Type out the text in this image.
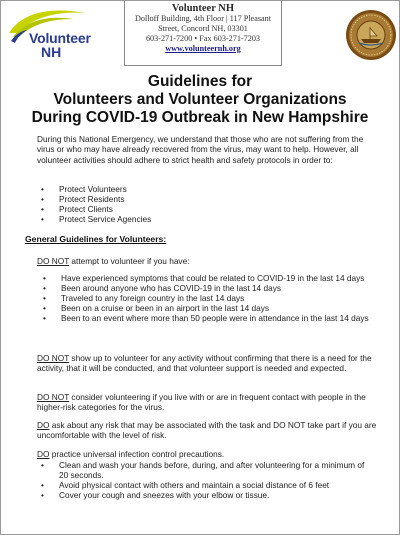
Volunteer
NH
Volunteer NH
Dolloff Building, 4th Floor | 117 Pleasant
Street, Concord NH, 03301
603-271-7200 • Fax 603-271-7203
www.volunteernh.org
Guidelines for
Volunteers and Volunteer Organizations
During COVID-19 Outbreak in New Hampshire
During this National Emergency, we understand that those who are not suffering from the virus or who may have already recovered from the virus, may want to help. However, all volunteer activities should adhere to strict health and safety protocols in order to:
• Protect Volunteers
• Protect Residents
• Protect Clients
• Protect Service Agencies
General Guidelines for Volunteers:
DO NOT attempt to volunteer if you have:
• Have experienced symptoms that could be related to COVID-19 in the last 14 days
• Been around anyone who has COVID-19 in the last 14 days
• Traveled to any foreign country in the last 14 days
• Been on a cruise or been in an airport in the last 14 days
• Been to an event where more than 50 people were in attendance in the last 14 days
DO NOT show up to volunteer for any activity without confirming that there is a need for the activity, that it will be conducted, and that volunteer support is needed and expected.
DO NOT consider volunteering if you live with or are in frequent contact with people in the higher-risk categories for the virus.
DO ask about any risk that may be associated with the task and DO NOT take part if you are uncomfortable with the level of risk.
DO practice universal infection control precautions.
• Clean and wash your hands before, during, and after volunteering for a minimum of 20 seconds.
• Avoid physical contact with others and maintain a social distance of 6 feet
• Cover your cough and sneezes with your elbow or tissue.
